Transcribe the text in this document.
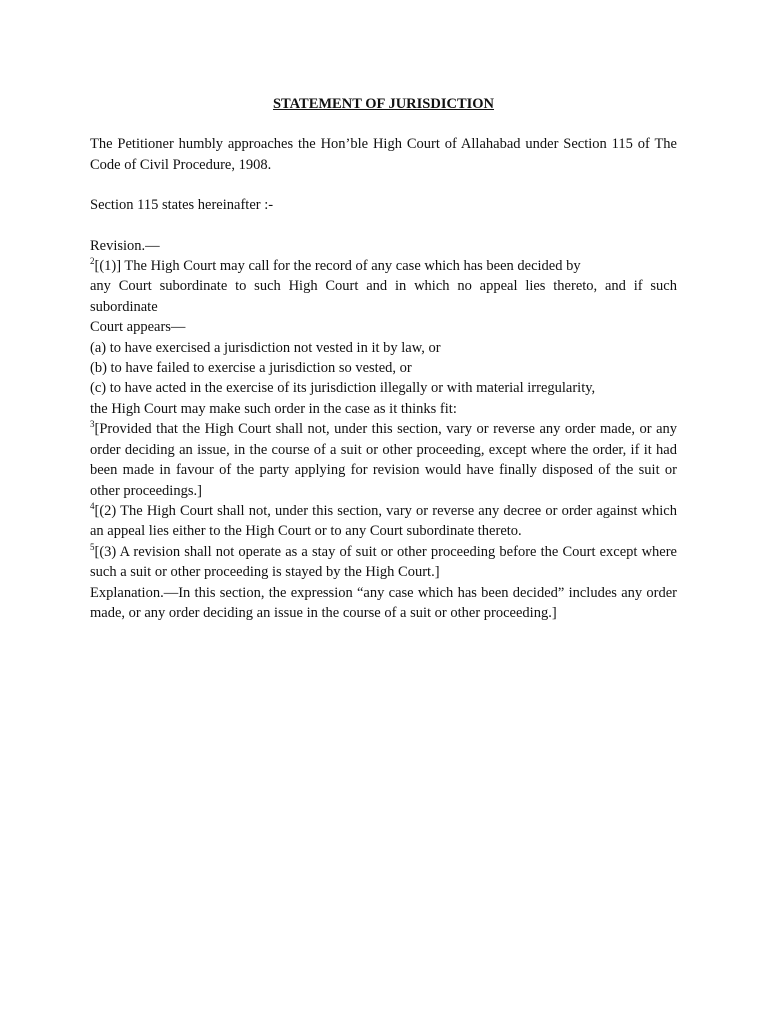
STATEMENT OF JURISDICTION

The Petitioner humbly approaches the Hon’ble High Court of Allahabad under Section 115 of The Code of Civil Procedure, 1908.

Section 115 states hereinafter :-

Revision.—

$^2$[(1)] The High Court may call for the record of any case which has been decided by

any Court subordinate to such High Court and in which no appeal lies thereto, and if such subordinate

Court appears—

(a) to have exercised a jurisdiction not vested in it by law, or

(b) to have failed to exercise a jurisdiction so vested, or

(c) to have acted in the exercise of its jurisdiction illegally or with material irregularity,

the High Court may make such order in the case as it thinks fit:

$^3$[Provided that the High Court shall not, under this section, vary or reverse any order made, or any order deciding an issue, in the course of a suit or other proceeding, except where the order, if it had been made in favour of the party applying for revision would have finally disposed of the suit or other proceedings.]

$^4$[(2) The High Court shall not, under this section, vary or reverse any decree or order against which an appeal lies either to the High Court or to any Court subordinate thereto.

$^5$[(3) A revision shall not operate as a stay of suit or other proceeding before the Court except where such a suit or other proceeding is stayed by the High Court.]

Explanation.—In this section, the expression “any case which has been decided” includes any order made, or any order deciding an issue in the course of a suit or other proceeding.]
